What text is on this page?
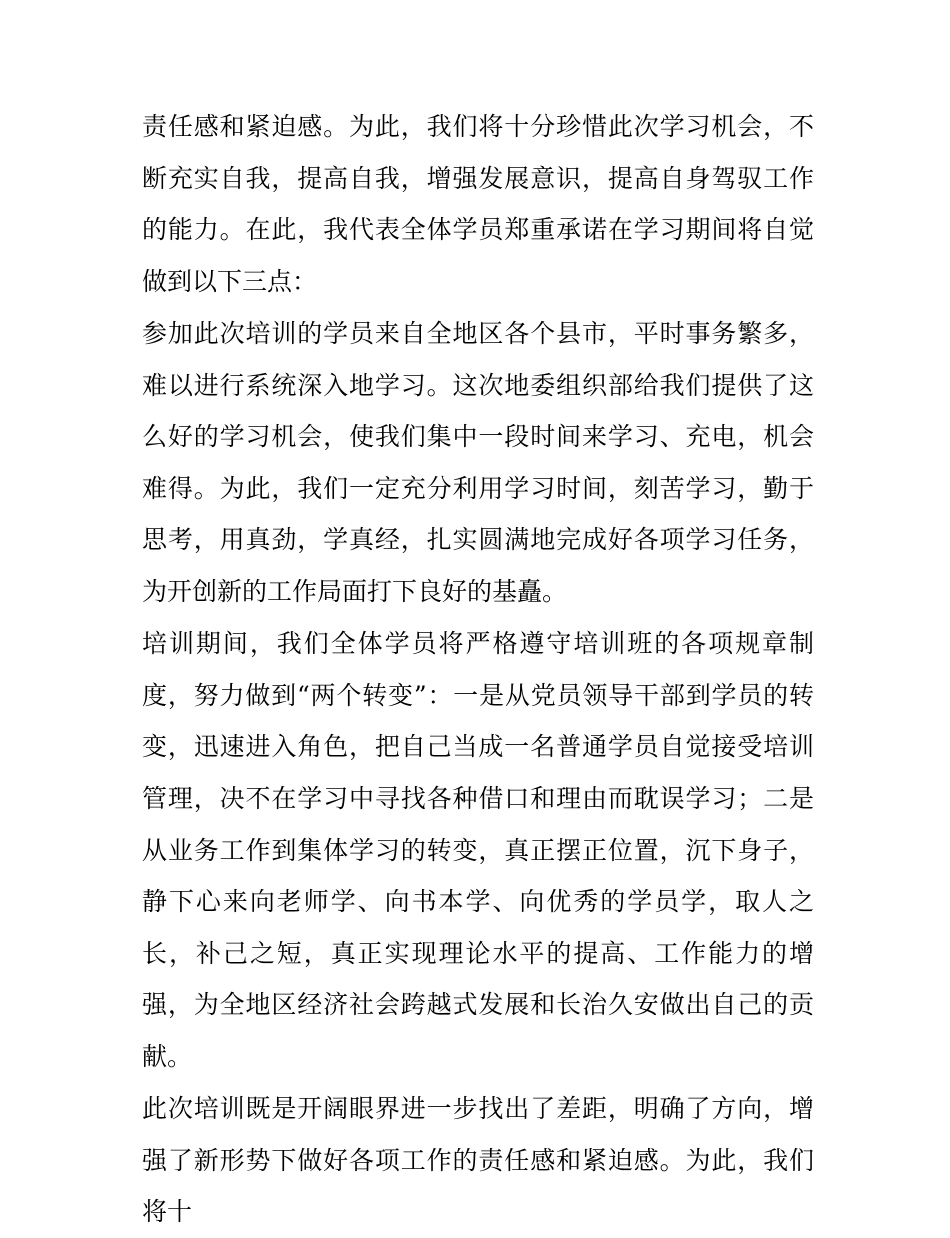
责任感和紧迫感。为此，我们将十分珍惜此次学习机会，不断充实自我，提高自我，增强发展意识，提高自身驾驭工作的能力。在此，我代表全体学员郑重承诺在学习期间将自觉做到以下三点：

参加此次培训的学员来自全地区各个县市，平时事务繁多，难以进行系统深入地学习。这次地委组织部给我们提供了这么好的学习机会，使我们集中一段时间来学习、充电，机会难得。为此，我们一定充分利用学习时间，刻苦学习，勤于思考，用真劲，学真经，扎实圆满地完成好各项学习任务，为开创新的工作局面打下良好的基矗。

培训期间，我们全体学员将严格遵守培训班的各项规章制度，努力做到“两个转变”：一是从党员领导干部到学员的转变，迅速进入角色，把自己当成一名普通学员自觉接受培训管理，决不在学习中寻找各种借口和理由而耽误学习；二是从业务工作到集体学习的转变，真正摆正位置，沉下身子，静下心来向老师学、向书本学、向优秀的学员学，取人之长，补己之短，真正实现理论水平的提高、工作能力的增强，为全地区经济社会跨越式发展和长治久安做出自己的贡献。

此次培训既是开阔眼界进一步找出了差距，明确了方向，增强了新形势下做好各项工作的责任感和紧迫感。为此，我们将十
